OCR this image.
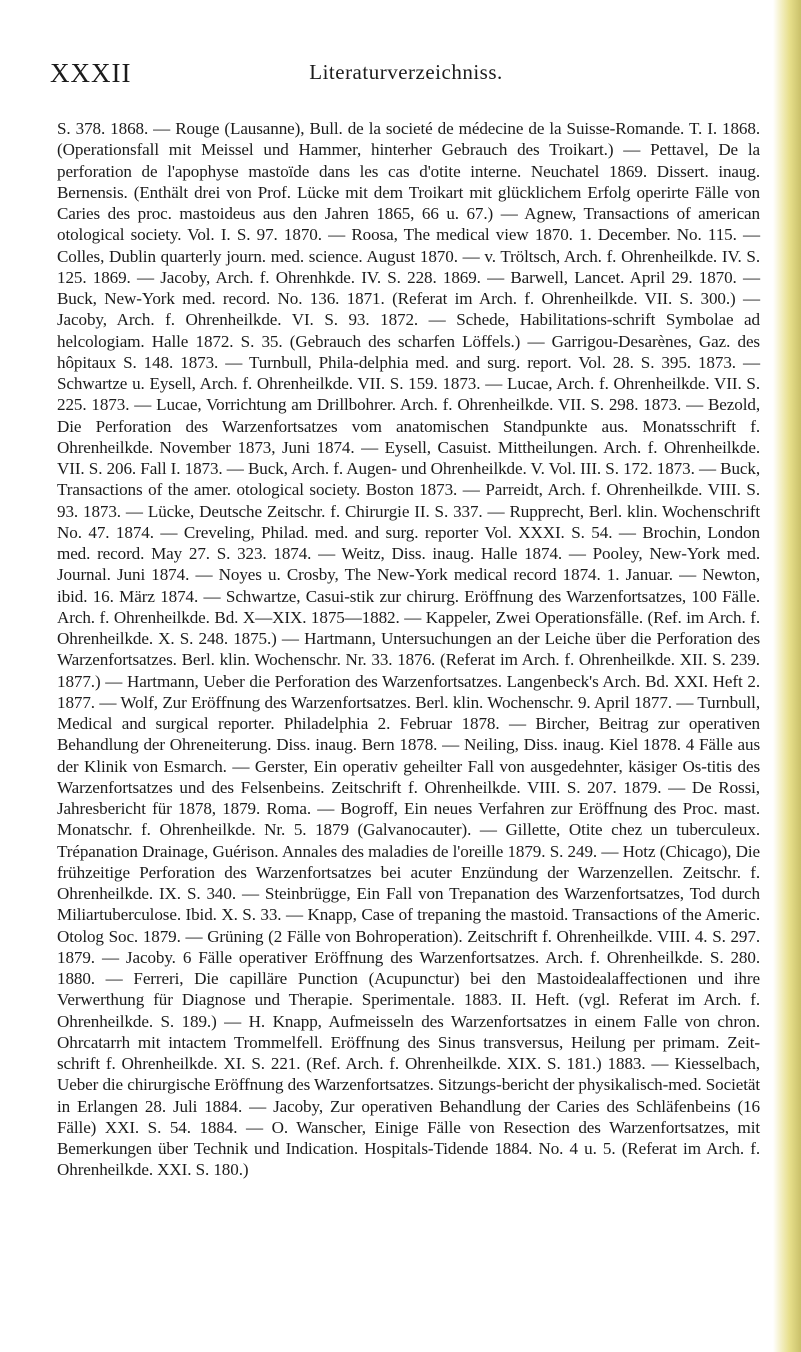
XXXII	Literaturverzeichniss.

S. 378. 1868. — Rouge (Lausanne), Bull. de la societé de médecine de la Suisse-Romande. T. I. 1868. (Operationsfall mit Meissel und Hammer, hinterher Gebrauch des Troikart.) — Pettavel, De la perforation de l'apophyse mastoïde dans les cas d'otite interne. Neuchatel 1869. Dissert. inaug. Bernensis. (Enthält drei von Prof. Lücke mit dem Troikart mit glücklichem Erfolg operirte Fälle von Caries des proc. mastoideus aus den Jahren 1865, 66 u. 67.) — Agnew, Transactions of american otological society. Vol. I. S. 97. 1870. — Roosa, The medical view 1870. 1. December. No. 115. — Colles, Dublin quarterly journ. med. science. August 1870. — v. Tröltsch, Arch. f. Ohrenheilkde. IV. S. 125. 1869. — Jacoby, Arch. f. Ohrenhkde. IV. S. 228. 1869. — Barwell, Lancet. April 29. 1870. — Buck, New-York med. record. No. 136. 1871. (Referat im Arch. f. Ohrenheilkde. VII. S. 300.) — Jacoby, Arch. f. Ohrenheilkde. VI. S. 93. 1872. — Schede, Habilitations-schrift Symbolae ad helcologiam. Halle 1872. S. 35. (Gebrauch des scharfen Löffels.) — Garrigou-Desarènes, Gaz. des hôpitaux S. 148. 1873. — Turnbull, Phila-delphia med. and surg. report. Vol. 28. S. 395. 1873. — Schwartze u. Eysell, Arch. f. Ohrenheilkde. VII. S. 159. 1873. — Lucae, Arch. f. Ohrenheilkde. VII. S. 225. 1873. — Lucae, Vorrichtung am Drillbohrer. Arch. f. Ohrenheilkde. VII. S. 298. 1873. — Bezold, Die Perforation des Warzenfortsatzes vom anatomischen Standpunkte aus. Monatsschrift f. Ohrenheilkde. November 1873, Juni 1874. — Eysell, Casuist. Mittheilungen. Arch. f. Ohrenheilkde. VII. S. 206. Fall I. 1873. — Buck, Arch. f. Augen- und Ohrenheilkde. V. Vol. III. S. 172. 1873. — Buck, Transactions of the amer. otological society. Boston 1873. — Parreidt, Arch. f. Ohrenheilkde. VIII. S. 93. 1873. — Lücke, Deutsche Zeitschr. f. Chirurgie II. S. 337. — Rupprecht, Berl. klin. Wochenschrift No. 47. 1874. — Creveling, Philad. med. and surg. reporter Vol. XXXI. S. 54. — Brochin, London med. record. May 27. S. 323. 1874. — Weitz, Diss. inaug. Halle 1874. — Pooley, New-York med. Journal. Juni 1874. — Noyes u. Crosby, The New-York medical record 1874. 1. Januar. — Newton, ibid. 16. März 1874. — Schwartze, Casui-stik zur chirurg. Eröffnung des Warzenfortsatzes, 100 Fälle. Arch. f. Ohrenheilkde. Bd. X—XIX. 1875—1882. — Kappeler, Zwei Operationsfälle. (Ref. im Arch. f. Ohrenheilkde. X. S. 248. 1875.) — Hartmann, Untersuchungen an der Leiche über die Perforation des Warzenfortsatzes. Berl. klin. Wochenschr. Nr. 33. 1876. (Referat im Arch. f. Ohrenheilkde. XII. S. 239. 1877.) — Hartmann, Ueber die Perforation des Warzenfortsatzes. Langenbeck's Arch. Bd. XXI. Heft 2. 1877. — Wolf, Zur Eröffnung des Warzenfortsatzes. Berl. klin. Wochenschr. 9. April 1877. — Turnbull, Medical and surgical reporter. Philadelphia 2. Februar 1878. — Bircher, Beitrag zur operativen Behandlung der Ohreneiterung. Diss. inaug. Bern 1878. — Neiling, Diss. inaug. Kiel 1878. 4 Fälle aus der Klinik von Esmarch. — Gerster, Ein operativ geheilter Fall von ausgedehnter, käsiger Os-titis des Warzenfortsatzes und des Felsenbeins. Zeitschrift f. Ohrenheilkde. VIII. S. 207. 1879. — De Rossi, Jahresbericht für 1878, 1879. Roma. — Bogroff, Ein neues Verfahren zur Eröffnung des Proc. mast. Monatschr. f. Ohrenheilkde. Nr. 5. 1879 (Galvanocauter). — Gillette, Otite chez un tuberculeux. Trépanation Drainage, Guérison. Annales des maladies de l'oreille 1879. S. 249. — Hotz (Chicago), Die frühzeitige Perforation des Warzenfortsatzes bei acuter Enzündung der Warzenzellen. Zeitschr. f. Ohrenheilkde. IX. S. 340. — Steinbrügge, Ein Fall von Trepanation des Warzenfortsatzes, Tod durch Miliartuberculose. Ibid. X. S. 33. — Knapp, Case of trepaning the mastoid. Transactions of the Americ. Otolog Soc. 1879. — Grüning (2 Fälle von Bohroperation). Zeitschrift f. Ohrenheilkde. VIII. 4. S. 297. 1879. — Jacoby. 6 Fälle operativer Eröffnung des Warzenfortsatzes. Arch. f. Ohrenheilkde. S. 280. 1880. — Ferreri, Die capilläre Punction (Acupunctur) bei den Mastoidealaffectionen und ihre Verwerthung für Diagnose und Therapie. Sperimentale. 1883. II. Heft. (vgl. Referat im Arch. f. Ohrenheilkde. S. 189.) — H. Knapp, Aufmeisseln des Warzenfortsatzes in einem Falle von chron. Ohrcatarrh mit intactem Trommelfell. Eröffnung des Sinus transversus, Heilung per primam. Zeit-schrift f. Ohrenheilkde. XI. S. 221. (Ref. Arch. f. Ohrenheilkde. XIX. S. 181.) 1883. — Kiesselbach, Ueber die chirurgische Eröffnung des Warzenfortsatzes. Sitzungs-bericht der physikalisch-med. Societät in Erlangen 28. Juli 1884. — Jacoby, Zur operativen Behandlung der Caries des Schläfenbeins (16 Fälle) XXI. S. 54. 1884. — O. Wanscher, Einige Fälle von Resection des Warzenfortsatzes, mit Bemerkungen über Technik und Indication. Hospitals-Tidende 1884. No. 4 u. 5. (Referat im Arch. f. Ohrenheilkde. XXI. S. 180.)
